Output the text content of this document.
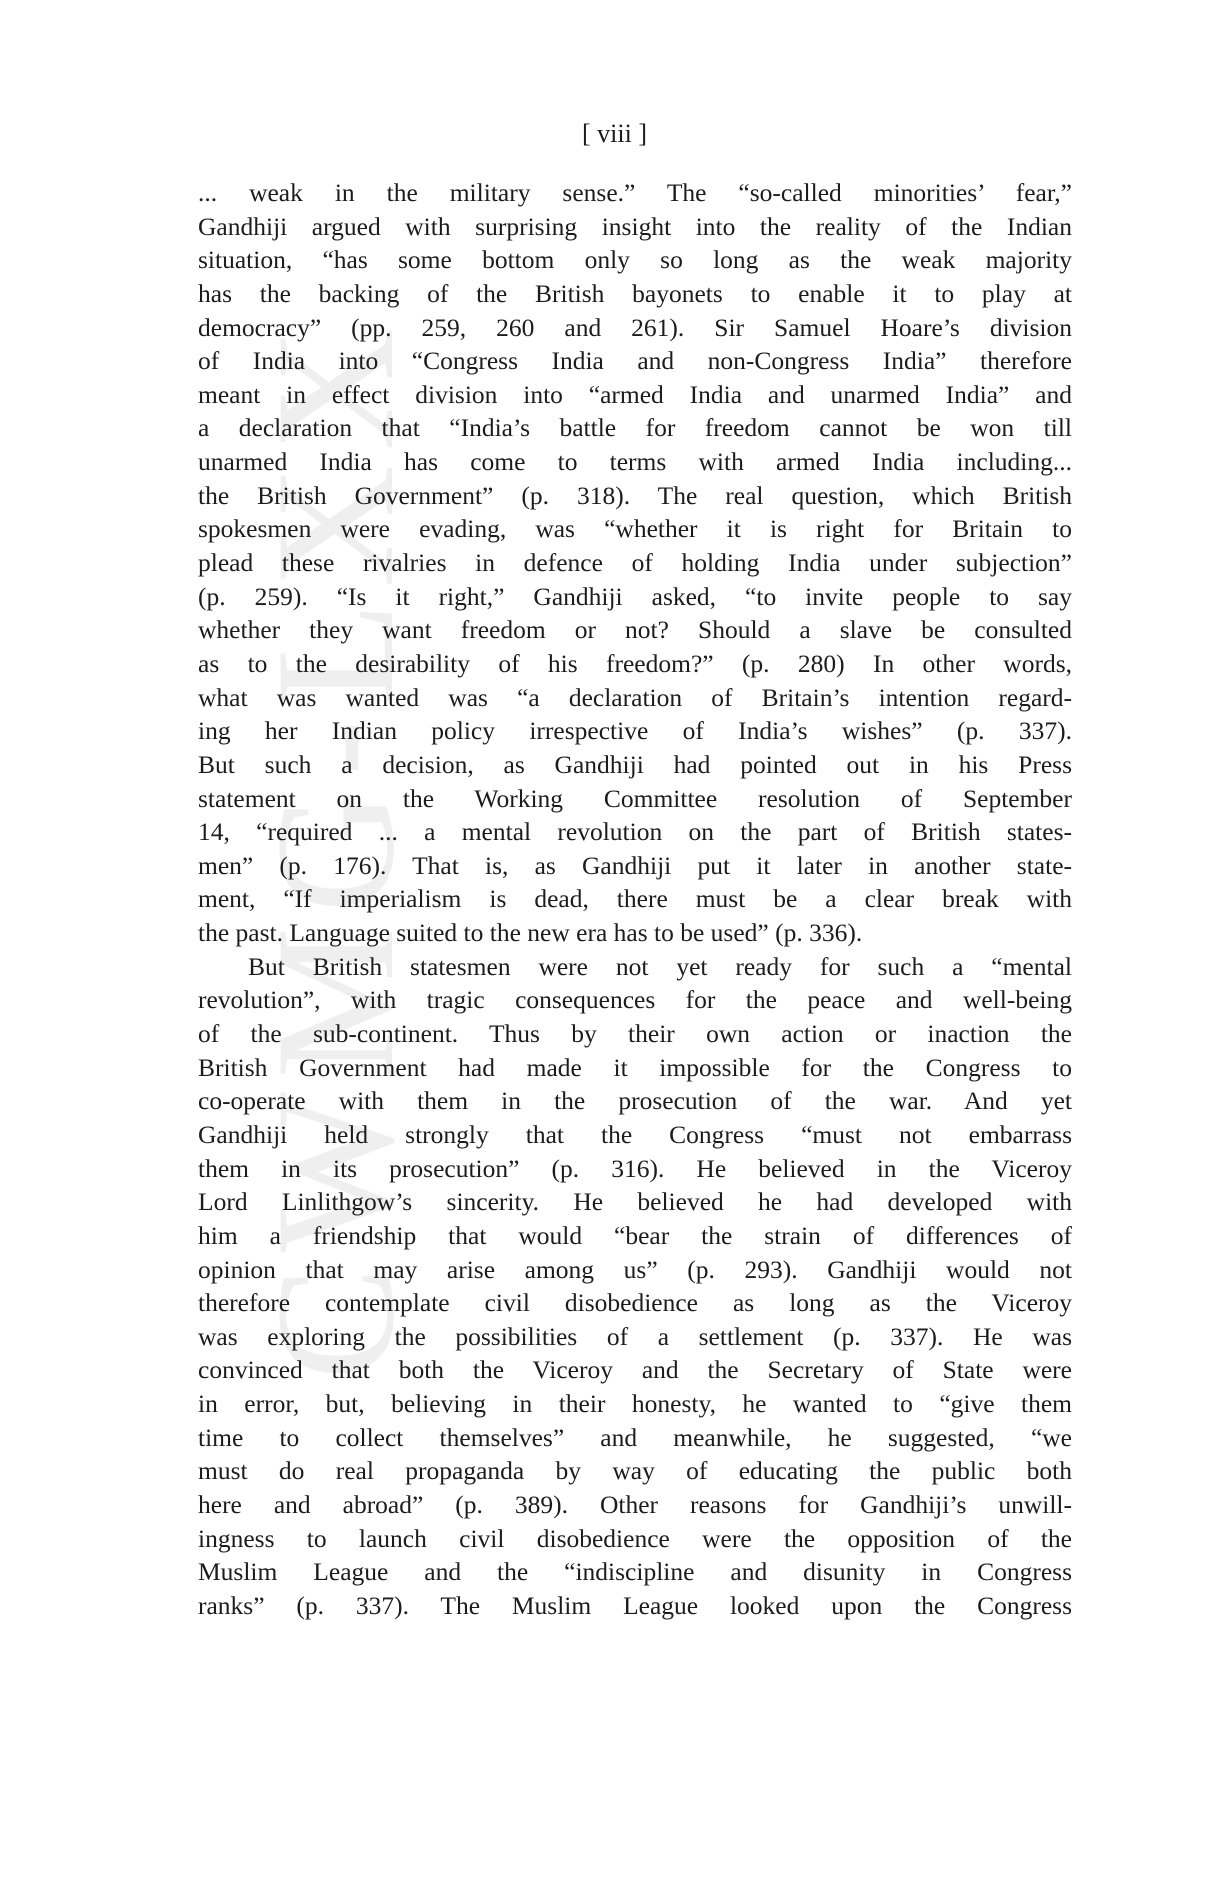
CWMG-LXX
[ viii ]
... weak in the military sense.” The “so-called minorities’ fear,”
Gandhiji argued with surprising insight into the reality of the Indian
situation, “has some bottom only so long as the weak majority
has the backing of the British bayonets to enable it to play at
democracy” (pp. 259, 260 and 261). Sir Samuel Hoare’s division
of India into “Congress India and non-Congress India” therefore
meant in effect division into “armed India and unarmed India” and
a declaration that “India’s battle for freedom cannot be won till
unarmed India has come to terms with armed India including...
the British Government” (p. 318). The real question, which British
spokesmen were evading, was “whether it is right for Britain to
plead these rivalries in defence of holding India under subjection”
(p. 259). “Is it right,” Gandhiji asked, “to invite people to say
whether they want freedom or not? Should a slave be consulted
as to the desirability of his freedom?” (p. 280) In other words,
what was wanted was “a declaration of Britain’s intention regard-
ing her Indian policy irrespective of India’s wishes” (p. 337).
But such a decision, as Gandhiji had pointed out in his Press
statement on the Working Committee resolution of September
14, “required ... a mental revolution on the part of British states-
men” (p. 176). That is, as Gandhiji put it later in another state-
ment, “If imperialism is dead, there must be a clear break with
the past. Language suited to the new era has to be used” (p. 336).
But British statesmen were not yet ready for such a “mental
revolution”, with tragic consequences for the peace and well-being
of the sub-continent. Thus by their own action or inaction the
British Government had made it impossible for the Congress to
co-operate with them in the prosecution of the war. And yet
Gandhiji held strongly that the Congress “must not embarrass
them in its prosecution” (p. 316). He believed in the Viceroy
Lord Linlithgow’s sincerity. He believed he had developed with
him a friendship that would “bear the strain of differences of
opinion that may arise among us” (p. 293). Gandhiji would not
therefore contemplate civil disobedience as long as the Viceroy
was exploring the possibilities of a settlement (p. 337). He was
convinced that both the Viceroy and the Secretary of State were
in error, but, believing in their honesty, he wanted to “give them
time to collect themselves” and meanwhile, he suggested, “we
must do real propaganda by way of educating the public both
here and abroad” (p. 389). Other reasons for Gandhiji’s unwill-
ingness to launch civil disobedience were the opposition of the
Muslim League and the “indiscipline and disunity in Congress
ranks” (p. 337). The Muslim League looked upon the Congress
